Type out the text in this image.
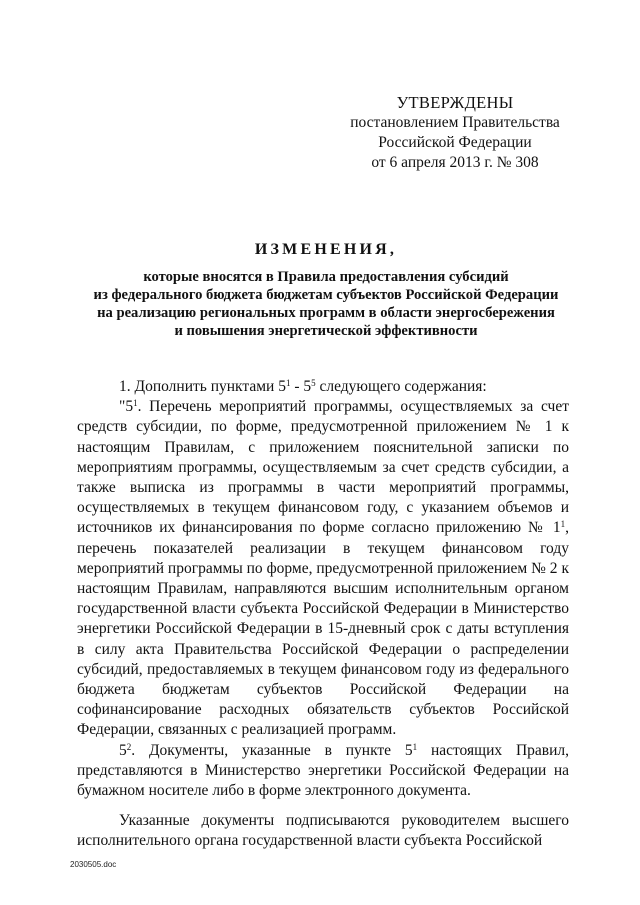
УТВЕРЖДЕНЫ
постановлением Правительства
Российской Федерации
от 6 апреля 2013 г. № 308
ИЗМЕНЕНИЯ,
которые вносятся в Правила предоставления субсидий
из федерального бюджета бюджетам субъектов Российской Федерации
на реализацию региональных программ в области энергосбережения
и повышения энергетической эффективности

1. Дополнить пунктами $5^1 - 5^5$ следующего содержания:

"$5^1$. Перечень мероприятий программы, осуществляемых за счет средств субсидии, по форме, предусмотренной приложением № 1 к настоящим Правилам, с приложением пояснительной записки по мероприятиям программы, осуществляемым за счет средств субсидии, а также выписка из программы в части мероприятий программы, осуществляемых в текущем финансовом году, с указанием объемов и источников их финансирования по форме согласно приложению № $1^1$, перечень показателей реализации в текущем финансовом году мероприятий программы по форме, предусмотренной приложением № 2 к настоящим Правилам, направляются высшим исполнительным органом государственной власти субъекта Российской Федерации в Министерство энергетики Российской Федерации в 15-дневный срок с даты вступления в силу акта Правительства Российской Федерации о распределении субсидий, предоставляемых в текущем финансовом году из федерального бюджета бюджетам субъектов Российской Федерации на софинансирование расходных обязательств субъектов Российской Федерации, связанных с реализацией программ.

$5^2$. Документы, указанные в пункте $5^1$ настоящих Правил, представляются в Министерство энергетики Российской Федерации на бумажном носителе либо в форме электронного документа.

Указанные документы подписываются руководителем высшего исполнительного органа государственной власти субъекта Российской

2030505.doc
